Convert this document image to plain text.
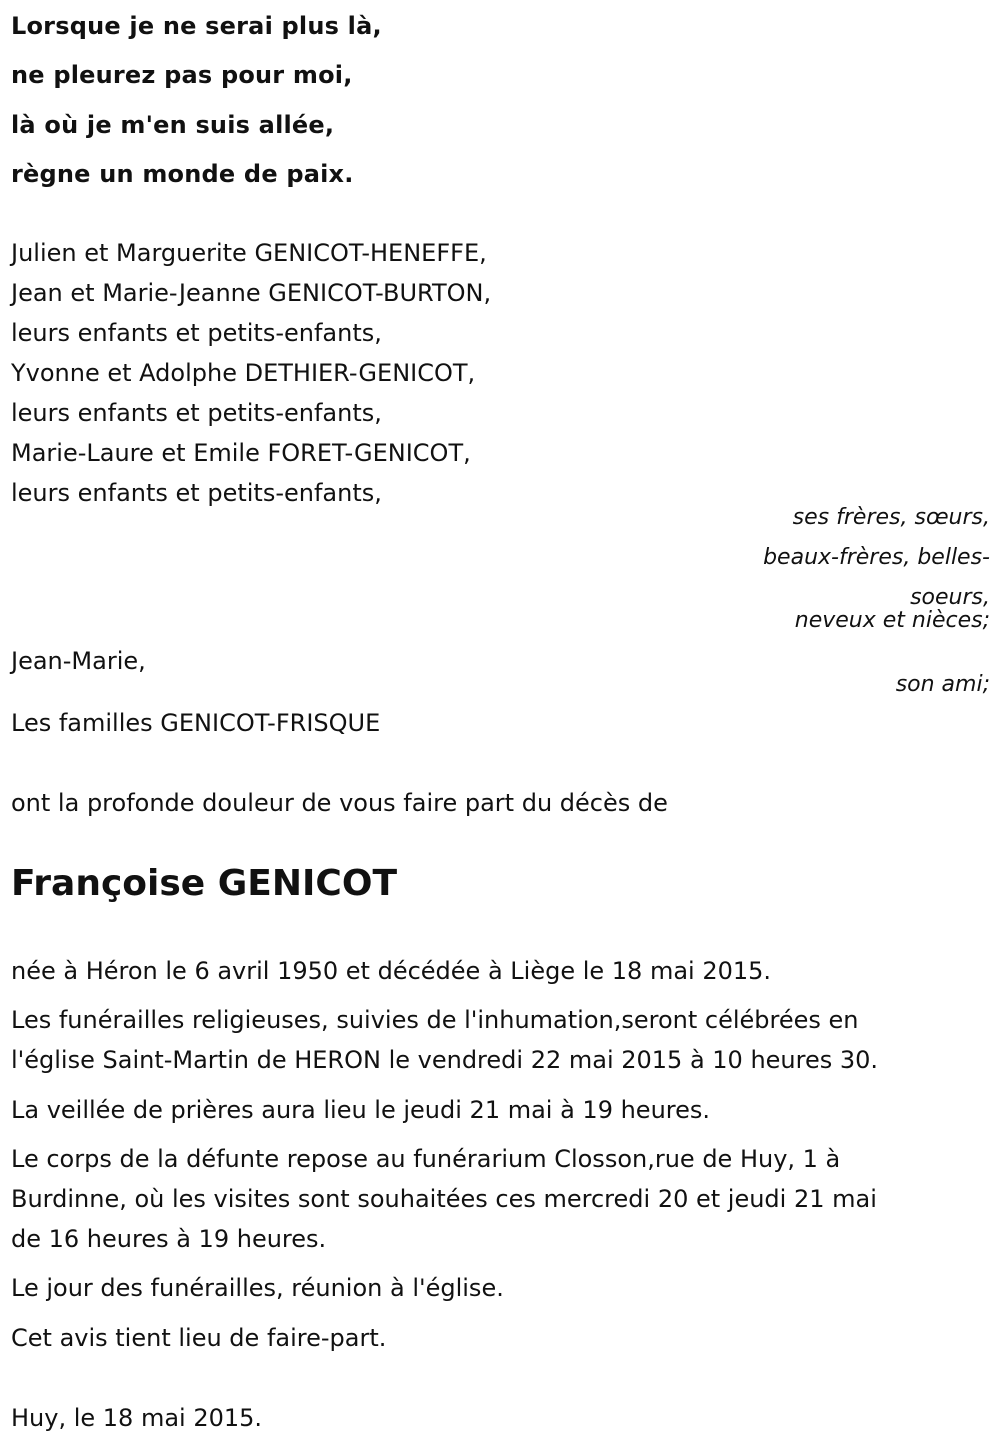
Lorsque je ne serai plus là,
ne pleurez pas pour moi,
là où je m'en suis allée,
règne un monde de paix.
Julien et Marguerite GENICOT-HENEFFE,
Jean et Marie-Jeanne GENICOT-BURTON,
leurs enfants et petits-enfants,
Yvonne et Adolphe DETHIER-GENICOT,
leurs enfants et petits-enfants,
Marie-Laure et Emile FORET-GENICOT,
leurs enfants et petits-enfants,
ses frères, sœurs,
beaux-frères, belles-
soeurs,
neveux et nièces;
Jean-Marie,
son ami;
Les familles GENICOT-FRISQUE
ont la profonde douleur de vous faire part du décès de
Françoise GENICOT
née à Héron le 6 avril 1950 et décédée à Liège le 18 mai 2015.
Les funérailles religieuses, suivies de l'inhumation,seront célébrées en
l'église Saint-Martin de HERON le vendredi 22 mai 2015 à 10 heures 30.
La veillée de prières aura lieu le jeudi 21 mai à 19 heures.
Le corps de la défunte repose au funérarium Closson,rue de Huy, 1 à
Burdinne, où les visites sont souhaitées ces mercredi 20 et jeudi 21 mai
de 16 heures à 19 heures.
Le jour des funérailles, réunion à l'église.
Cet avis tient lieu de faire-part.
Huy, le 18 mai 2015.
